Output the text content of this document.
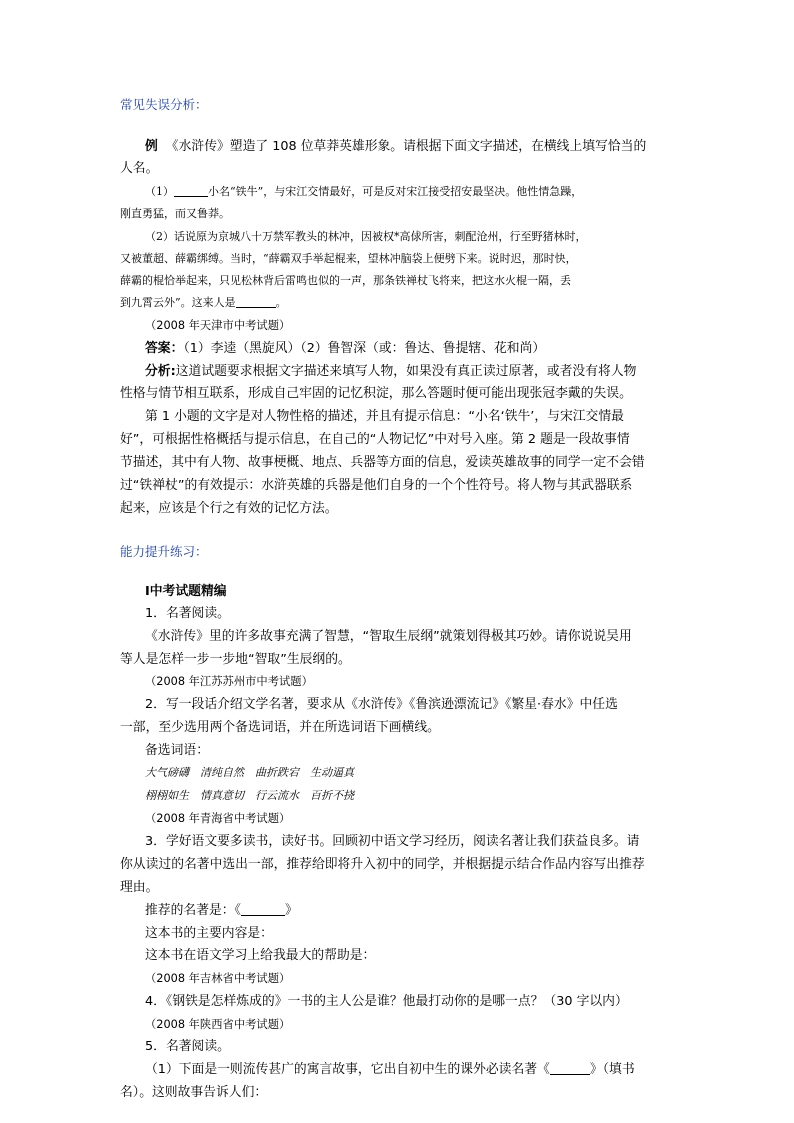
常见失误分析：
例 《水浒传》塑造了 108 位草莽英雄形象。请根据下面文字描述，在横线上填写恰当的
人名。
（1）	小名“铁牛”，与宋江交情最好，可是反对宋江接受招安最坚决。他性情急躁，
刚直勇猛，而又鲁莽。
（2）话说原为京城八十万禁军教头的林冲，因被权*高俅所害，刺配沧州，行至野猪林时，
又被董超、薛霸绑缚。当时，“薛霸双手举起棍来，望林冲脑袋上便劈下来。说时迟，那时快，
薛霸的棍恰举起来，只见松林背后雷鸣也似的一声，那条铁禅杖飞将来，把这水火棍一隔，丢
到九霄云外”。这来人是	。
（2008 年天津市中考试题）
答案：（1）李逵（黑旋风）（2）鲁智深（或：鲁达、鲁提辖、花和尚）
分析:这道试题要求根据文字描述来填写人物，如果没有真正读过原著，或者没有将人物
性格与情节相互联系，形成自己牢固的记忆积淀，那么答题时便可能出现张冠李戴的失误。
第 1 小题的文字是对人物性格的描述，并且有提示信息：“小名‘铁牛’，与宋江交情最
好”，可根据性格概括与提示信息，在自己的“人物记忆”中对号入座。第 2 题是一段故事情
节描述，其中有人物、故事梗概、地点、兵器等方面的信息，爱读英雄故事的同学一定不会错
过“铁禅杖”的有效提示：水浒英雄的兵器是他们自身的一个个性符号。将人物与其武器联系
起来，应该是个行之有效的记忆方法。
能力提升练习：
Ⅰ中考试题精编
1．名著阅读。
《水浒传》里的许多故事充满了智慧，“智取生辰纲”就策划得极其巧妙。请你说说吴用
等人是怎样一步一步地“智取”生辰纲的。
（2008 年江苏苏州市中考试题）
2．写一段话介绍文学名著，要求从《水浒传》《鲁滨逊漂流记》《繁星·春水》中任选
一部，至少选用两个备选词语，并在所选词语下画横线。
备选词语：
大气磅礴　清纯自然　曲折跌宕　生动逼真
栩栩如生　情真意切　行云流水　百折不挠
（2008 年青海省中考试题）
3．学好语文要多读书，读好书。回顾初中语文学习经历，阅读名著让我们获益良多。请
你从读过的名著中选出一部，推荐给即将升入初中的同学，并根据提示结合作品内容写出推荐
理由。
推荐的名著是：《	》
这本书的主要内容是：
这本书在语文学习上给我最大的帮助是：
（2008 年吉林省中考试题）
4．《钢铁是怎样炼成的》一书的主人公是谁？他最打动你的是哪一点？（30 字以内）
（2008 年陕西省中考试题）
5．名著阅读。
（1）下面是一则流传甚广的寓言故事，它出自初中生的课外必读名著《	》（填书
名）。这则故事告诉人们：
